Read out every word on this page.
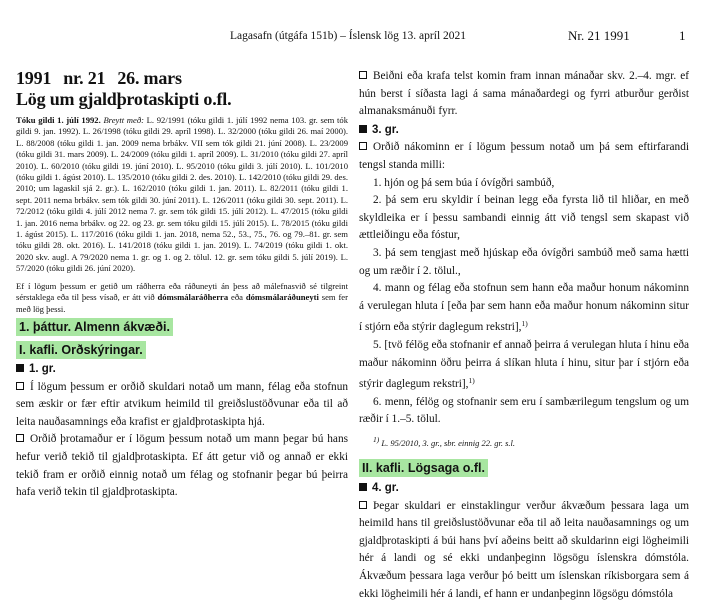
Lagasafn (útgáfa 151b) – Íslensk lög 13. apríl 2021	Nr. 21 1991	1
1991 nr. 21 26. mars
Lög um gjaldþrotaskipti o.fl.
Tóku gildi 1. júlí 1992. Breytt með: L. 92/1991 (tóku gildi 1. júlí 1992 nema 103. gr. sem tók gildi 9. jan. 1992). L. 26/1998 (tóku gildi 29. apríl 1998). L. 32/2000 (tóku gildi 26. maí 2000). L. 88/2008 (tóku gildi 1. jan. 2009 nema brbákv. VII sem tók gildi 21. júní 2008). L. 23/2009 (tóku gildi 31. mars 2009). L. 24/2009 (tóku gildi 1. apríl 2009). L. 31/2010 (tóku gildi 27. apríl 2010). L. 60/2010 (tóku gildi 19. júní 2010). L. 95/2010 (tóku gildi 3. júlí 2010). L. 101/2010 (tóku gildi 1. ágúst 2010). L. 135/2010 (tóku gildi 2. des. 2010). L. 142/2010 (tóku gildi 29. des. 2010; um lagaskil sjá 2. gr.). L. 162/2010 (tóku gildi 1. jan. 2011). L. 82/2011 (tóku gildi 1. sept. 2011 nema brbákv. sem tók gildi 30. júní 2011). L. 126/2011 (tóku gildi 30. sept. 2011). L. 72/2012 (tóku gildi 4. júlí 2012 nema 7. gr. sem tók gildi 15. júlí 2012). L. 47/2015 (tóku gildi 1. jan. 2016 nema brbákv. og 22. og 23. gr. sem tóku gildi 15. júlí 2015). L. 78/2015 (tóku gildi 1. ágúst 2015). L. 117/2016 (tóku gildi 1. jan. 2018, nema 52., 53., 75., 76. og 79.–81. gr. sem tóku gildi 28. okt. 2016). L. 141/2018 (tóku gildi 1. jan. 2019). L. 74/2019 (tóku gildi 1. okt. 2020 skv. augl. A 79/2020 nema 1. gr. og 1. og 2. tölul. 12. gr. sem tóku gildi 5. júlí 2019). L. 57/2020 (tóku gildi 26. júní 2020).
Ef í lögum þessum er getið um ráðherra eða ráðuneyti án þess að málefnasvið sé tilgreint sérstaklega eða til þess vísað, er átt við dómsmálaráðherra eða dómsmálaráðuneyti sem fer með lög þessi.
1. þáttur. Almenn ákvæði.
I. kafli. Orðskýringar.
1. gr.

Í lögum þessum er orðið skuldari notað um mann, félag eða stofnun sem æskir or fær eftir atvikum heimild til greiðslustöðvunar eða til að leita nauðasamnings eða krafist er gjaldþrotaskipta hjá.

Orðið þrotamaður er í lögum þessum notað um mann þegar bú hans hefur verið tekið til gjaldþrotaskipta. Ef átt getur við og annað er ekki tekið fram er orðið einnig notað um félag og stofnanir þegar bú þeirra hafa verið tekin til gjaldþrotaskipta.

Beiðni eða krafa telst komin fram innan mánaðar skv. 2.–4. mgr. ef hún berst í síðasta lagi á sama mánaðardegi og fyrri atburður gerðist almanaksmánuði fyrr.

3. gr.

Orðið nákominn er í lögum þessum notað um þá sem eftirfarandi tengsl standa milli:

1. hjón og þá sem búa í óvígðri sambúð,

2. þá sem eru skyldir í beinan legg eða fyrsta lið til hliðar, en með skyldleika er í þessu sambandi einnig átt við tengsl sem skapast við ættleiðingu eða fóstur,

3. þá sem tengjast með hjúskap eða óvígðri sambúð með sama hætti og um ræðir í 2. tölul.,

4. mann og félag eða stofnun sem hann eða maður honum nákominn á verulegan hluta í [eða þar sem hann eða maður honum nákominn situr í stjórn eða stýrir daglegum rekstri],$^{1)}$

5. [tvö félög eða stofnanir ef annað þeirra á verulegan hluta í hinu eða maður nákominn öðru þeirra á slíkan hluta í hinu, situr þar í stjórn eða stýrir daglegum rekstri],$^{1)}$

6. menn, félög og stofnanir sem eru í sambærilegum tengslum og um ræðir í 1.–5. tölul.

1) L. 95/2010, 3. gr., sbr. einnig 22. gr. s.l.
II. kafli. Lögsaga o.fl.
4. gr.

Þegar skuldari er einstaklingur verður ákvæðum þessara laga um heimild hans til greiðslustöðvunar eða til að leita nauðasamnings og um gjaldþrotaskipti á búi hans því aðeins beitt að skuldarinn eigi lögheimili hér á landi og sé ekki undanþeginn lögsögu íslenskra dómstóla. Ákvæðum þessara laga verður þó beitt um íslenskan ríkisborgara sem á ekki lögheimili hér á landi, ef hann er undanþeginn lögsögu dómstóla
